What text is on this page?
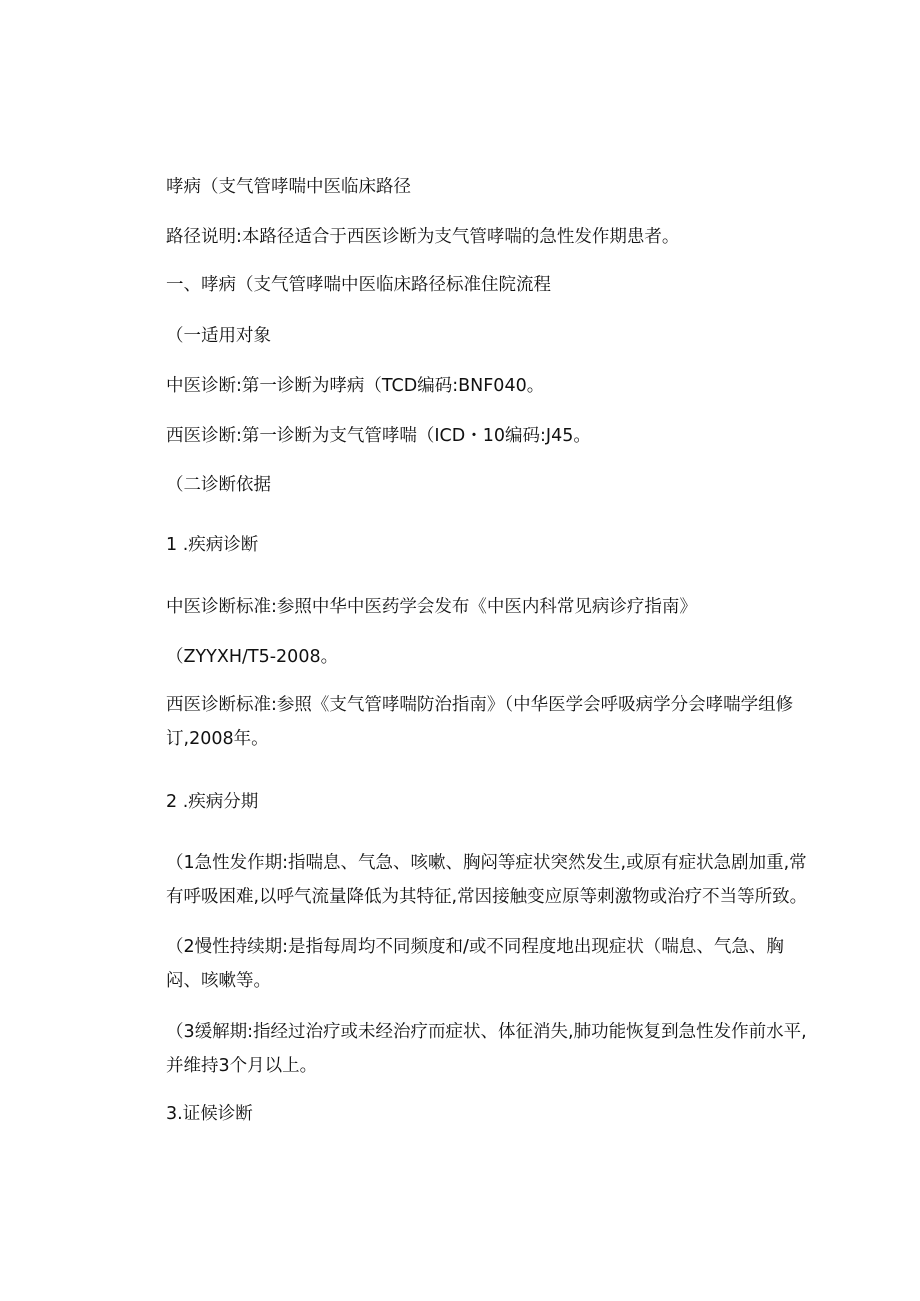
哮病（支气管哮喘中医临床路径
路径说明:本路径适合于西医诊断为支气管哮喘的急性发作期患者。
一、哮病（支气管哮喘中医临床路径标准住院流程
（一适用对象
中医诊断:第一诊断为哮病（TCD编码:BNF040。
西医诊断:第一诊断为支气管哮喘（ICD・10编码:J45。
（二诊断依据
1 .疾病诊断
中医诊断标准:参照中华中医药学会发布《中医内科常见病诊疗指南》
（ZYYXH/T5-2008。
西医诊断标准:参照《支气管哮喘防治指南》（中华医学会呼吸病学分会哮喘学组修
订,2008年。
2 .疾病分期
（1急性发作期:指喘息、气急、咳嗽、胸闷等症状突然发生,或原有症状急剧加重,常
有呼吸困难,以呼气流量降低为其特征,常因接触变应原等刺激物或治疗不当等所致。
（2慢性持续期:是指每周均不同频度和/或不同程度地出现症状（喘息、气急、胸
闷、咳嗽等。
（3缓解期:指经过治疗或未经治疗而症状、体征消失,肺功能恢复到急性发作前水平,
并维持3个月以上。
3.证候诊断
